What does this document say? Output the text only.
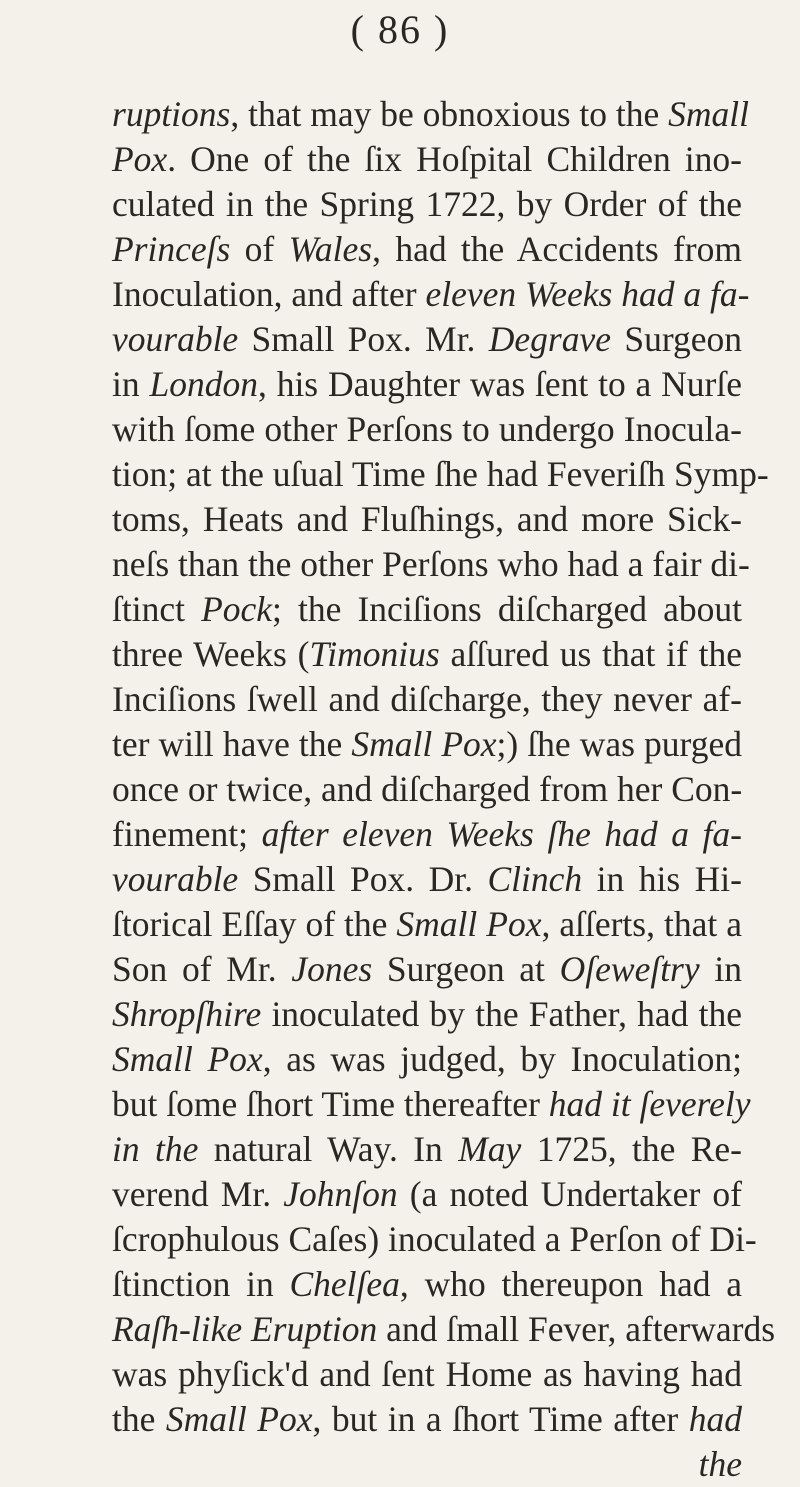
( 86 )
ruptions, that may be obnoxious to the Small
Pox. One of the ſix Hoſpital Children ino-
culated in the Spring 1722, by Order of the
Princeſs of Wales, had the Accidents from
Inoculation, and after eleven Weeks had a fa-
vourable Small Pox. Mr. Degrave Surgeon
in London, his Daughter was ſent to a Nurſe
with ſome other Perſons to undergo Inocula-
tion; at the uſual Time ſhe had Feveriſh Symp-
toms, Heats and Fluſhings, and more Sick-
neſs than the other Perſons who had a fair di-
ſtinct Pock; the Inciſions diſcharged about
three Weeks (Timonius aſſured us that if the
Inciſions ſwell and diſcharge, they never af-
ter will have the Small Pox;) ſhe was purged
once or twice, and diſcharged from her Con-
finement; after eleven Weeks ſhe had a fa-
vourable Small Pox. Dr. Clinch in his Hi-
ſtorical Eſſay of the Small Pox, aſſerts, that a
Son of Mr. Jones Surgeon at Oſeweſtry in
Shropſhire inoculated by the Father, had the
Small Pox, as was judged, by Inoculation;
but ſome ſhort Time thereafter had it ſeverely
in the natural Way. In May 1725, the Re-
verend Mr. Johnſon (a noted Undertaker of
ſcrophulous Caſes) inoculated a Perſon of Di-
ſtinction in Chelſea, who thereupon had a
Raſh-like Eruption and ſmall Fever, afterwards
was phyſick'd and ſent Home as having had
the Small Pox, but in a ſhort Time after had
the
